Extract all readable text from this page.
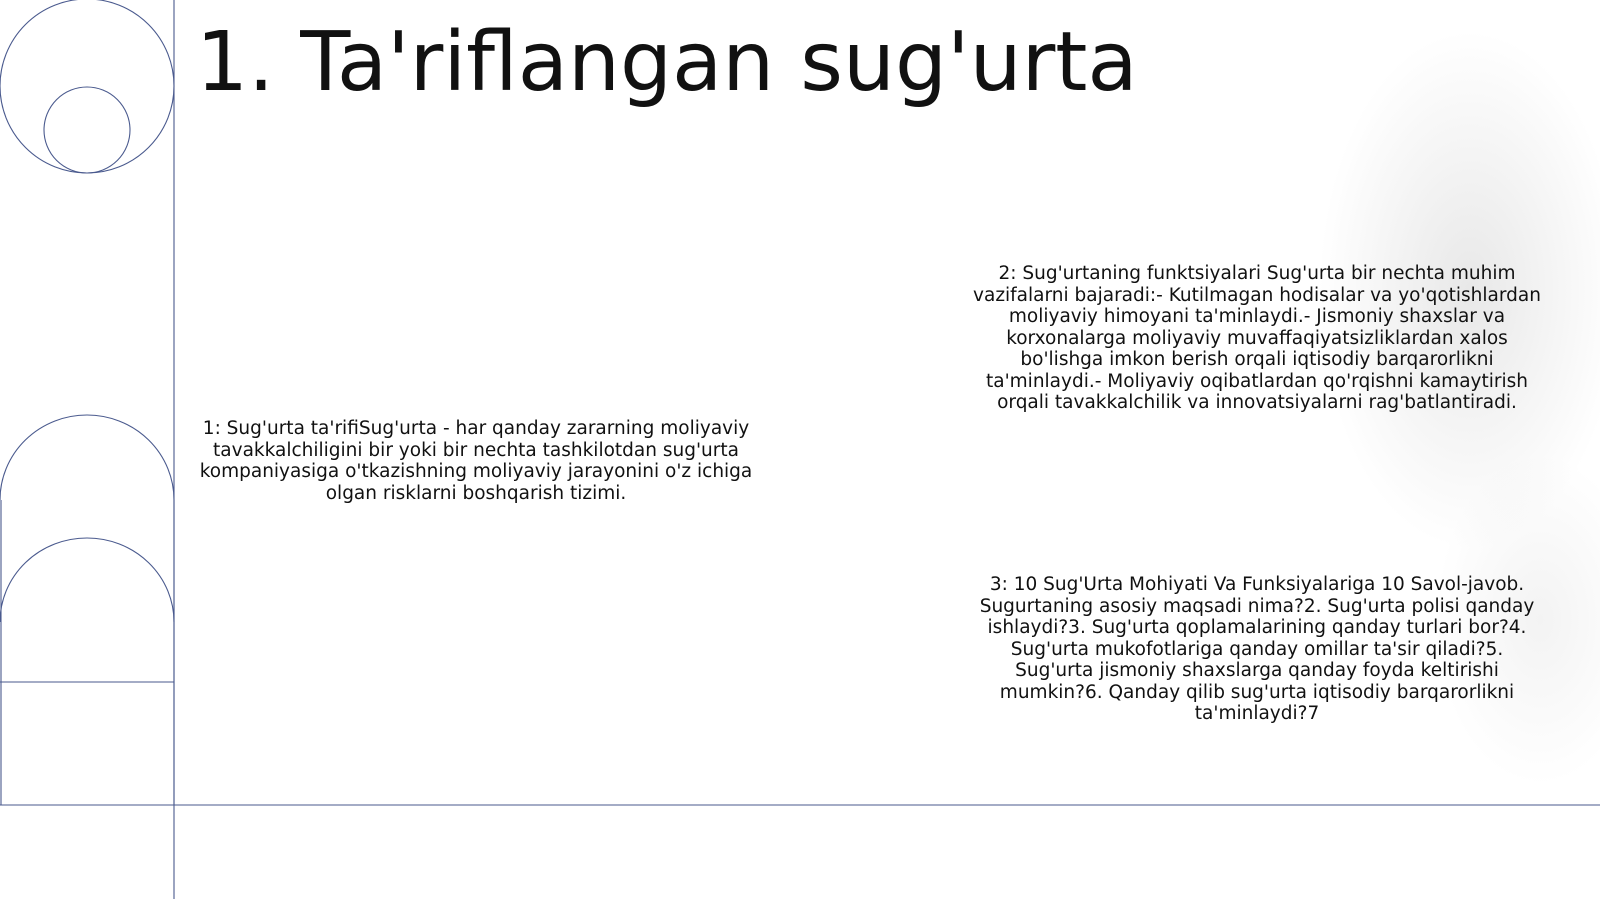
1. Ta'riflangan sug'urta

1: Sug'urta ta'rifiSug'urta - har qanday zararning moliyaviy tavakkalchiligini bir yoki bir nechta tashkilotdan sug'urta kompaniyasiga o'tkazishning moliyaviy jarayonini o'z ichiga olgan risklarni boshqarish tizimi.

2: Sug'urtaning funktsiyalari Sug'urta bir nechta muhim vazifalarni bajaradi:- Kutilmagan hodisalar va yo'qotishlardan moliyaviy himoyani ta'minlaydi.- Jismoniy shaxslar va korxonalarga moliyaviy muvaffaqiyatsizliklardan xalos bo'lishga imkon berish orqali iqtisodiy barqarorlikni ta'minlaydi.- Moliyaviy oqibatlardan qo'rqishni kamaytirish orqali tavakkalchilik va innovatsiyalarni rag'batlantiradi.

3: 10 Sug'Urta Mohiyati Va Funksiyalariga 10 Savol-javob. Sugurtaning asosiy maqsadi nima?2. Sug'urta polisi qanday ishlaydi?3. Sug'urta qoplamalarining qanday turlari bor?4. Sug'urta mukofotlariga qanday omillar ta'sir qiladi?5. Sug'urta jismoniy shaxslarga qanday foyda keltirishi mumkin?6. Qanday qilib sug'urta iqtisodiy barqarorlikni ta'minlaydi?7
